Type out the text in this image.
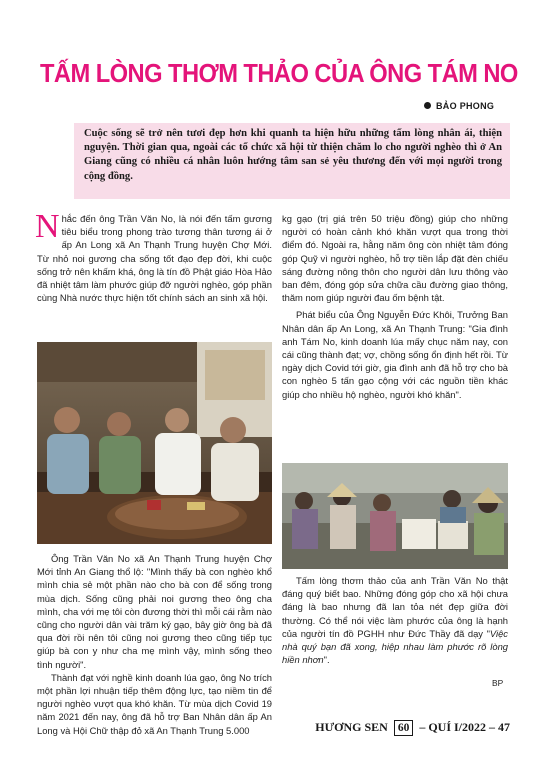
TẤM LÒNG THƠM THẢO CỦA ÔNG TÁM NO
BẢO PHONG
Cuộc sống sẽ trở nên tươi đẹp hơn khi quanh ta hiện hữu những tấm lòng nhân ái, thiện nguyện. Thời gian qua, ngoài các tổ chức xã hội từ thiện chăm lo cho người nghèo thì ở An Giang cũng có nhiều cá nhân luôn hướng tâm san sẻ yêu thương đến với mọi người trong cộng đồng.

Nhắc đến ông Trần Văn No, là nói đến tấm gương tiêu biểu trong phong trào tương thân tương ái ở ấp An Long xã An Thạnh Trung huyện Chợ Mới. Từ nhỏ noi gương cha sống tốt đạo đẹp đời, khi cuộc sống trở nên khấm khá, ông là tín đồ Phật giáo Hòa Hảo đã nhiệt tâm làm phước giúp đỡ người nghèo, góp phần cùng Nhà nước thực hiện tốt chính sách an sinh xã hội.

Ông Trần Văn No xã An Thạnh Trung huyện Chợ Mới tỉnh An Giang thổ lộ: "Mình thấy bà con nghèo khổ mình chia sẻ một phần nào cho bà con để sống trong mùa dịch. Sống cũng phải noi gương theo ông cha mình, cha với mẹ tôi còn đương thời thì mỗi cái rằm nào cũng cho người dân vài trăm ký gạo, bây giờ ông bà đã qua đời rồi nên tôi cũng noi gương theo cũng tiếp tục giúp bà con y như cha mẹ mình vậy, mình sống theo tình người".

Thành đạt với nghề kinh doanh lúa gạo, ông No trích một phần lợi nhuận tiếp thêm động lực, tạo niềm tin để người nghèo vượt qua khó khăn. Từ mùa dịch Covid 19 năm 2021 đến nay, ông đã hỗ trợ Ban Nhân dân ấp An Long và Hội Chữ thập đỏ xã An Thạnh Trung 5.000

kg gạo (trị giá trên 50 triệu đồng) giúp cho những người có hoàn cảnh khó khăn vượt qua trong thời điểm đó. Ngoài ra, hằng năm ông còn nhiệt tâm đóng góp Quỹ vì người nghèo, hỗ trợ tiền lắp đặt đèn chiếu sáng đường nông thôn cho người dân lưu thông vào ban đêm, đóng góp sửa chữa cầu đường giao thông, thăm nom giúp người đau ốm bệnh tật.

Phát biểu của Ông Nguyễn Đức Khôi, Trưởng Ban Nhân dân ấp An Long, xã An Thạnh Trung: "Gia đình anh Tám No, kinh doanh lúa mấy chục năm nay, con cái cũng thành đạt; vợ, chồng sống ổn định hết rồi. Từ ngày dịch Covid tới giờ, gia đình anh đã hỗ trợ cho bà con nghèo 5 tấn gạo cộng với các nguồn tiền khác giúp cho nhiều hộ nghèo, người khó khăn".

Tấm lòng thơm thảo của anh Trần Văn No thật đáng quý biết bao. Những đóng góp cho xã hội chưa đáng là bao nhưng đã lan tỏa nét đẹp giữa đời thường. Có thể nói việc làm phước của ông là hạnh của người tín đồ PGHH như Đức Thầy đã dạy "Việc nhà quý bạn đã xong, hiệp nhau làm phước rõ lòng hiền nhơn".

BP
HƯƠNG SEN 60 – QUÍ I/2022 – 47
